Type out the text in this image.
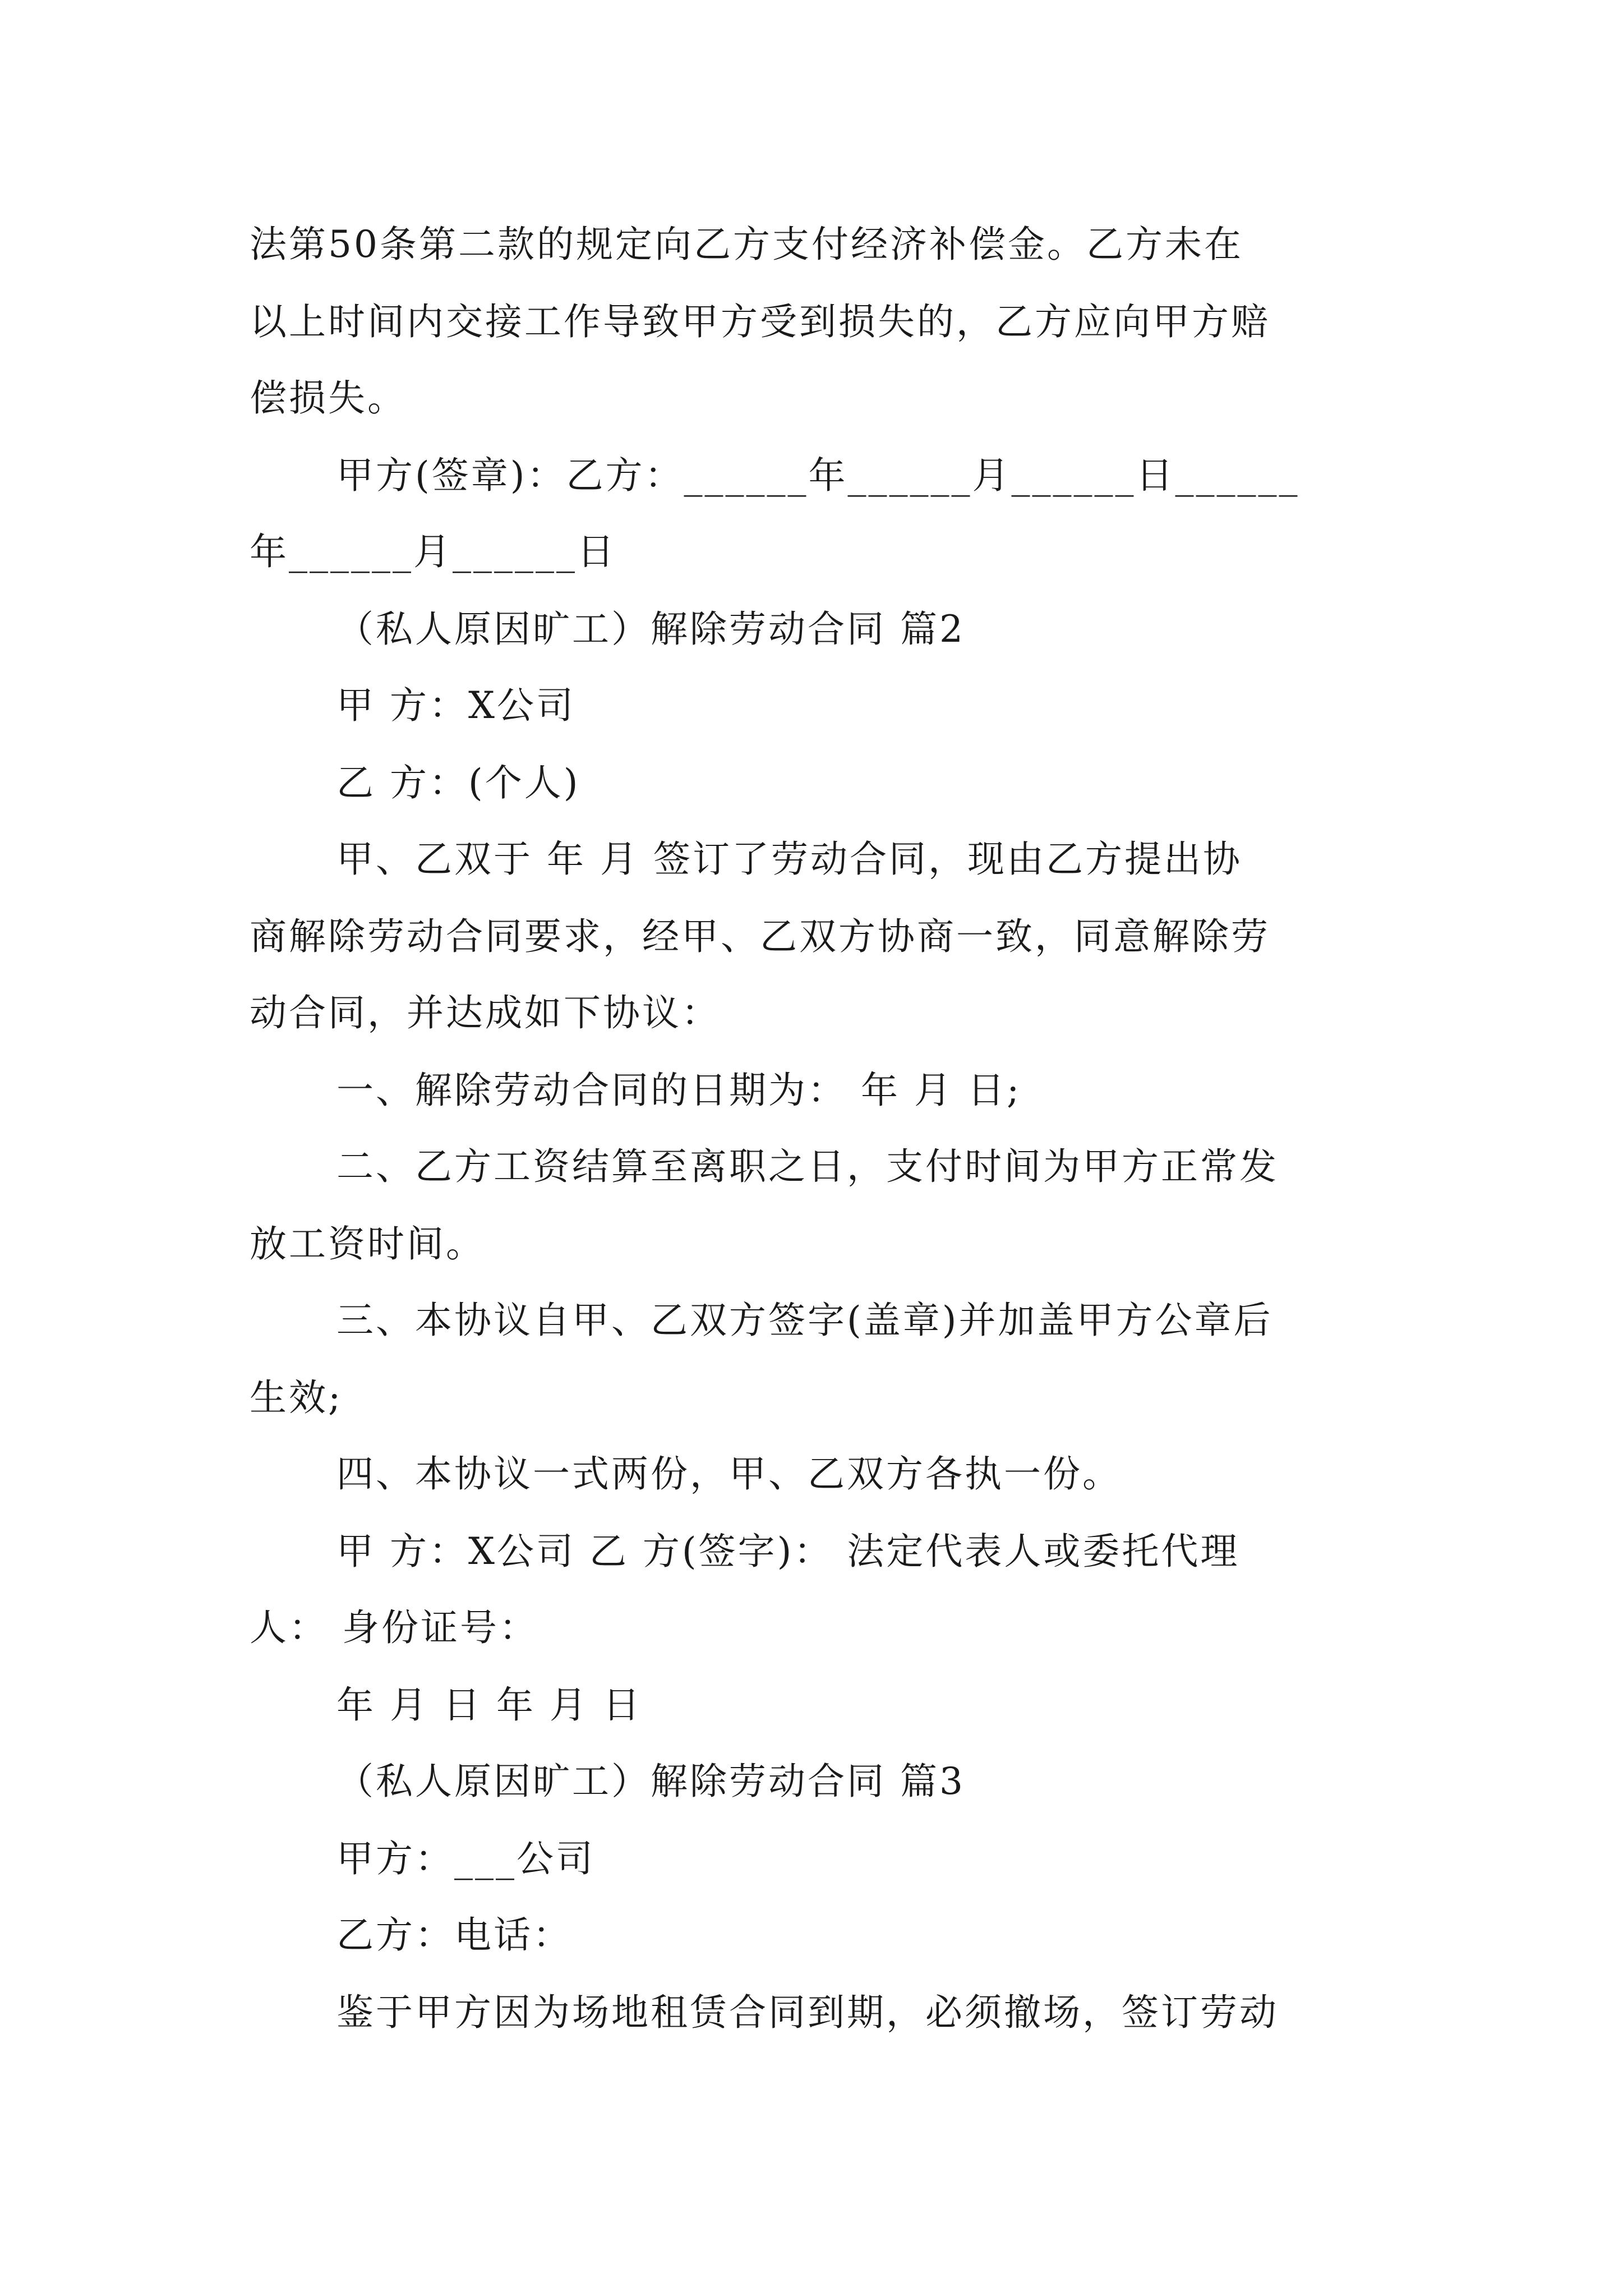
法第50条第二款的规定向乙方支付经济补偿金。乙方未在
以上时间内交接工作导致甲方受到损失的，乙方应向甲方赔
偿损失。
甲方(签章)：乙方：______年______月______日______
年______月______日
（私人原因旷工）解除劳动合同 篇2
甲 方：X公司
乙 方：(个人)
甲、乙双于 年 月 签订了劳动合同，现由乙方提出协
商解除劳动合同要求，经甲、乙双方协商一致，同意解除劳
动合同，并达成如下协议：
一、解除劳动合同的日期为： 年 月 日;
二、乙方工资结算至离职之日，支付时间为甲方正常发
放工资时间。
三、本协议自甲、乙双方签字(盖章)并加盖甲方公章后
生效;
四、本协议一式两份，甲、乙双方各执一份。
甲 方：X公司 乙 方(签字)： 法定代表人或委托代理
人： 身份证号：
年 月 日 年 月 日
（私人原因旷工）解除劳动合同 篇3
甲方：___公司
乙方：电话：
鉴于甲方因为场地租赁合同到期，必须撤场，签订劳动
